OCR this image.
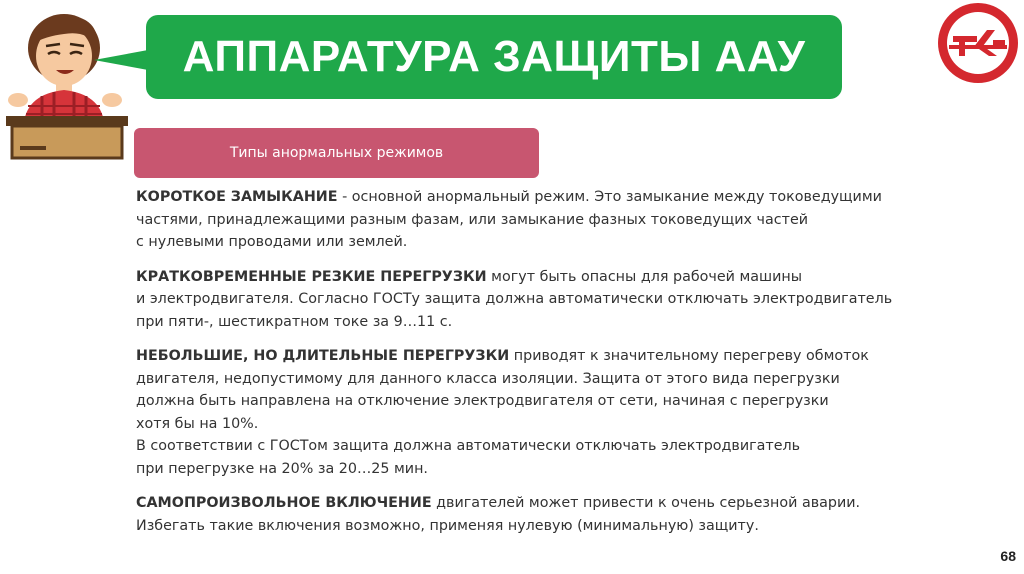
АППАРАТУРА ЗАЩИТЫ ААУ
Типы анормальных режимов

КОРОТКОЕ ЗАМЫКАНИЕ - основной анормальный режим. Это замыкание между токоведущими
частями, принадлежащими разным фазам, или замыкание фазных токоведущих частей
с нулевыми проводами или землей.

КРАТКОВРЕМЕННЫЕ РЕЗКИЕ ПЕРЕГРУЗКИ могут быть опасны для рабочей машины
и электродвигателя. Согласно ГОСТу защита должна автоматически отключать электродвигатель
при пяти-, шестикратном токе за 9…11 с.

НЕБОЛЬШИЕ, НО ДЛИТЕЛЬНЫЕ ПЕРЕГРУЗКИ приводят к значительному перегреву обмоток
двигателя, недопустимому для данного класса изоляции. Защита от этого вида перегрузки
должна быть направлена на отключение электродвигателя от сети, начиная с перегрузки
хотя бы на 10%.
В соответствии с ГОСТом защита должна автоматически отключать электродвигатель
при перегрузке на 20% за 20…25 мин.

САМОПРОИЗВОЛЬНОЕ ВКЛЮЧЕНИЕ двигателей может привести к очень серьезной аварии.
Избегать такие включения возможно, применяя нулевую (минимальную) защиту.

68
